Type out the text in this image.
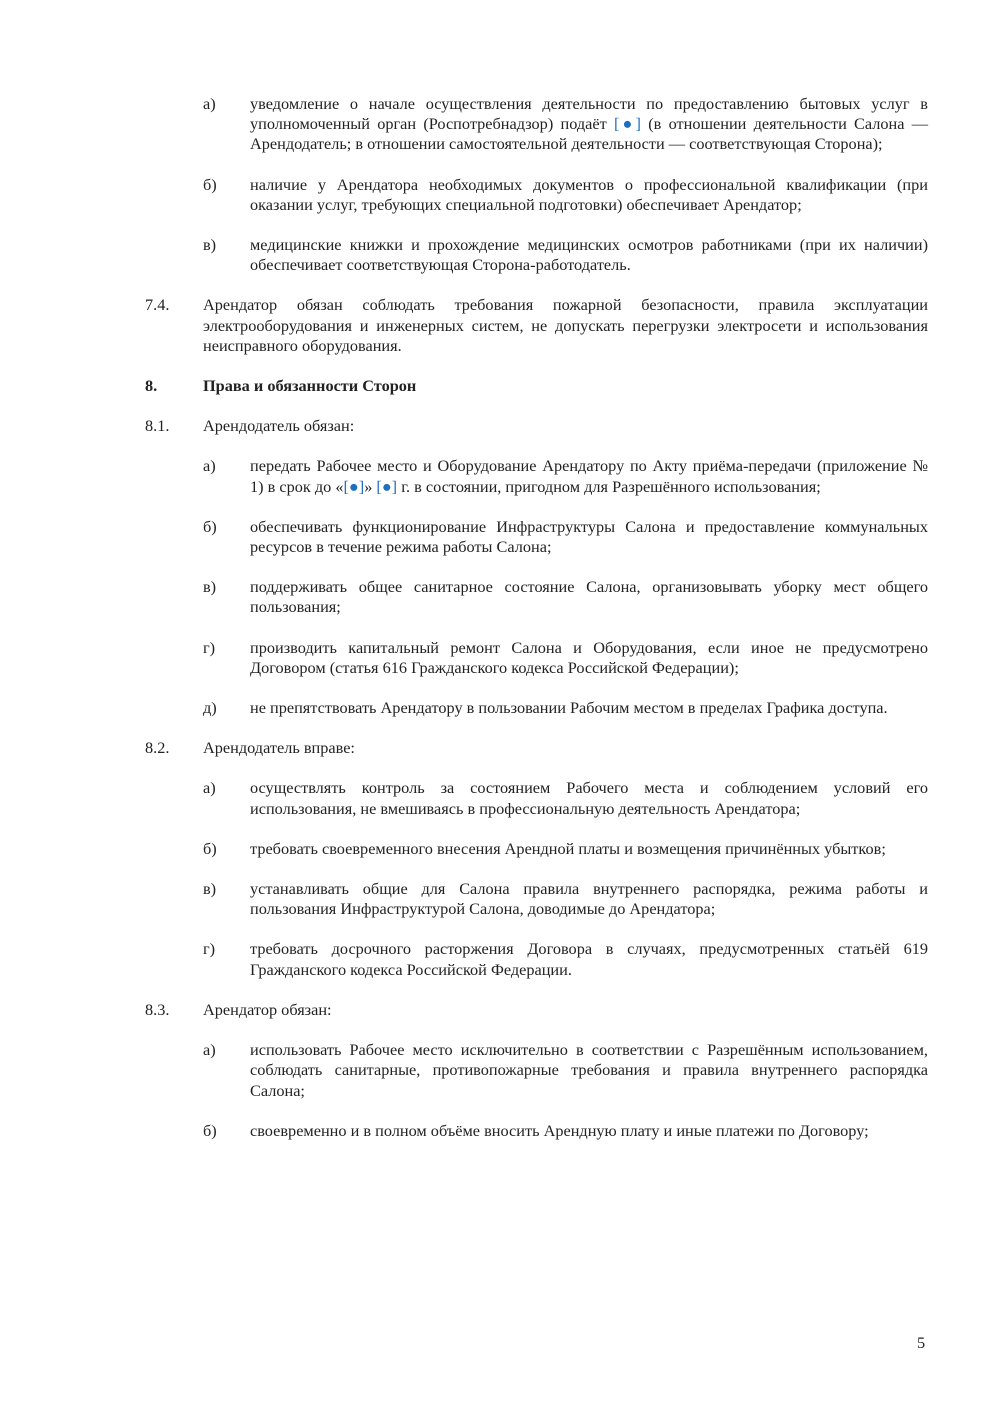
а) уведомление о начале осуществления деятельности по предоставлению бытовых услуг в уполномоченный орган (Роспотребнадзор) подаёт [●] (в отношении деятельности Салона — Арендодатель; в отношении самостоятельной деятельности — соответствующая Сторона);
б) наличие у Арендатора необходимых документов о профессиональной квалификации (при оказании услуг, требующих специальной подготовки) обеспечивает Арендатор;
в) медицинские книжки и прохождение медицинских осмотров работниками (при их наличии) обеспечивает соответствующая Сторона-работодатель.
7.4. Арендатор обязан соблюдать требования пожарной безопасности, правила эксплуатации электрооборудования и инженерных систем, не допускать перегрузки электросети и использования неисправного оборудования.
8.	Права и обязанности Сторон
8.1. Арендодатель обязан:
а) передать Рабочее место и Оборудование Арендатору по Акту приёма-передачи (приложение № 1) в срок до «[●]» [●] г. в состоянии, пригодном для Разрешённого использования;
б) обеспечивать функционирование Инфраструктуры Салона и предоставление коммунальных ресурсов в течение режима работы Салона;
в) поддерживать общее санитарное состояние Салона, организовывать уборку мест общего пользования;
г) производить капитальный ремонт Салона и Оборудования, если иное не предусмотрено Договором (статья 616 Гражданского кодекса Российской Федерации);
д) не препятствовать Арендатору в пользовании Рабочим местом в пределах Графика доступа.
8.2. Арендодатель вправе:
а) осуществлять контроль за состоянием Рабочего места и соблюдением условий его использования, не вмешиваясь в профессиональную деятельность Арендатора;
б) требовать своевременного внесения Арендной платы и возмещения причинённых убытков;
в) устанавливать общие для Салона правила внутреннего распорядка, режима работы и пользования Инфраструктурой Салона, доводимые до Арендатора;
г) требовать досрочного расторжения Договора в случаях, предусмотренных статьёй 619 Гражданского кодекса Российской Федерации.
8.3. Арендатор обязан:
а) использовать Рабочее место исключительно в соответствии с Разрешённым использованием, соблюдать санитарные, противопожарные требования и правила внутреннего распорядка Салона;
б) своевременно и в полном объёме вносить Арендную плату и иные платежи по Договору;
5
